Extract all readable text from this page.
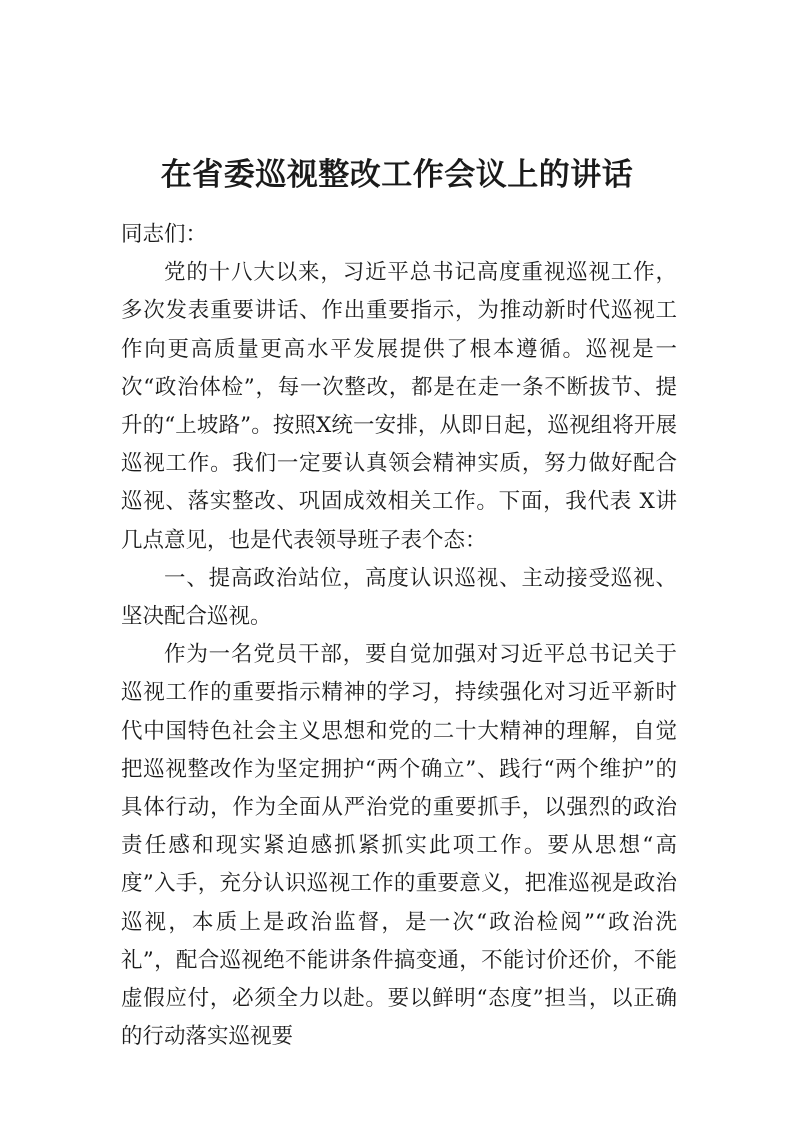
在省委巡视整改工作会议上的讲话

同志们：

党的十八大以来，习近平总书记高度重视巡视工作，多次发表重要讲话、作出重要指示，为推动新时代巡视工作向更高质量更高水平发展提供了根本遵循。巡视是一次“政治体检”，每一次整改，都是在走一条不断拔节、提升的“上坡路”。按照X统一安排，从即日起，巡视组将开展巡视工作。我们一定要认真领会精神实质，努力做好配合巡视、落实整改、巩固成效相关工作。下面，我代表 X讲几点意见，也是代表领导班子表个态：

一、提高政治站位，高度认识巡视、主动接受巡视、坚决配合巡视。

作为一名党员干部，要自觉加强对习近平总书记关于巡视工作的重要指示精神的学习，持续强化对习近平新时代中国特色社会主义思想和党的二十大精神的理解，自觉把巡视整改作为坚定拥护“两个确立”、践行“两个维护”的具体行动，作为全面从严治党的重要抓手，以强烈的政治责任感和现实紧迫感抓紧抓实此项工作。要从思想“高度”入手，充分认识巡视工作的重要意义，把准巡视是政治巡视，本质上是政治监督，是一次“政治检阅”“政治洗礼”，配合巡视绝不能讲条件搞变通，不能讨价还价，不能虚假应付，必须全力以赴。要以鲜明“态度”担当，以正确的行动落实巡视要
